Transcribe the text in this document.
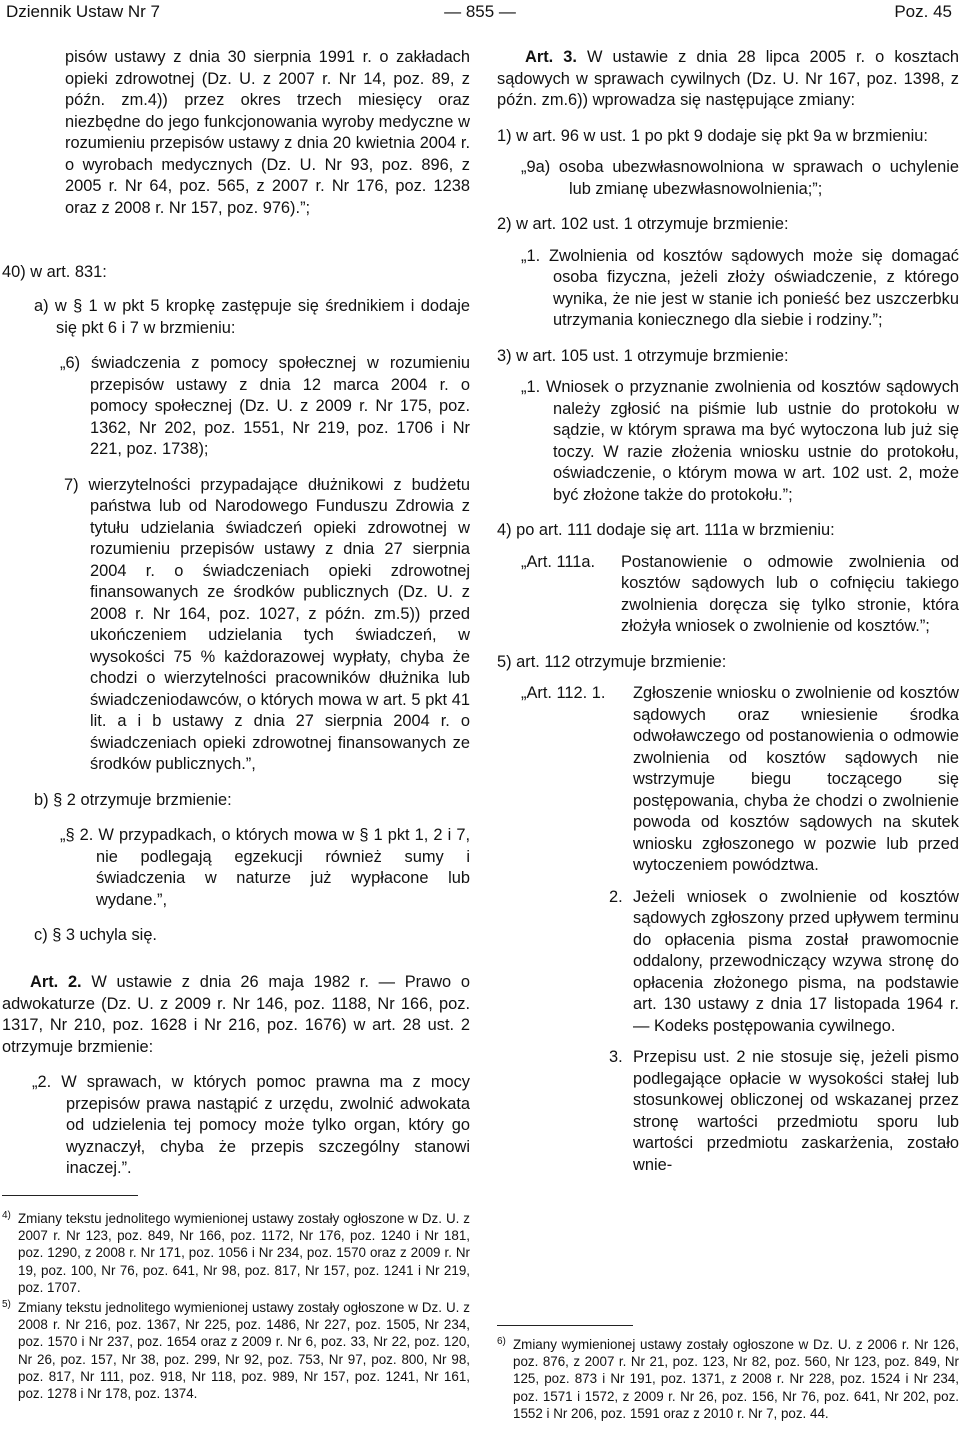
Dziennik Ustaw Nr 7	— 855 —	Poz. 45

pisów ustawy z dnia 30 sierpnia 1991 r. o zakładach opieki zdrowotnej (Dz. U. z 2007 r. Nr 14, poz. 89, z późn. zm.4)) przez okres trzech miesięcy oraz niezbędne do jego funkcjonowania wyroby medyczne w rozumieniu przepisów ustawy z dnia 20 kwietnia 2004 r. o wyrobach medycznych (Dz. U. Nr 93, poz. 896, z 2005 r. Nr 64, poz. 565, z 2007 r. Nr 176, poz. 1238 oraz z 2008 r. Nr 157, poz. 976).”;

40) w art. 831:

a) w § 1 w pkt 5 kropkę zastępuje się średnikiem i dodaje się pkt 6 i 7 w brzmieniu:

„6) świadczenia z pomocy społecznej w rozumieniu przepisów ustawy z dnia 12 marca 2004 r. o pomocy społecznej (Dz. U. z 2009 r. Nr 175, poz. 1362, Nr 202, poz. 1551, Nr 219, poz. 1706 i Nr 221, poz. 1738);

7) wierzytelności przypadające dłużnikowi z budżetu państwa lub od Narodowego Funduszu Zdrowia z tytułu udzielania świadczeń opieki zdrowotnej w rozumieniu przepisów ustawy z dnia 27 sierpnia 2004 r. o świadczeniach opieki zdrowotnej finansowanych ze środków publicznych (Dz. U. z 2008 r. Nr 164, poz. 1027, z późn. zm.5)) przed ukończeniem udzielania tych świadczeń, w wysokości 75 % każdorazowej wypłaty, chyba że chodzi o wierzytelności pracowników dłużnika lub świadczeniodawców, o których mowa w art. 5 pkt 41 lit. a i b ustawy z dnia 27 sierpnia 2004 r. o świadczeniach opieki zdrowotnej finansowanych ze środków publicznych.”,

b) § 2 otrzymuje brzmienie:

„§ 2. W przypadkach, o których mowa w § 1 pkt 1, 2 i 7, nie podlegają egzekucji również sumy i świadczenia w naturze już wypłacone lub wydane.”,

c) § 3 uchyla się.

Art. 2. W ustawie z dnia 26 maja 1982 r. — Prawo o adwokaturze (Dz. U. z 2009 r. Nr 146, poz. 1188, Nr 166, poz. 1317, Nr 210, poz. 1628 i Nr 216, poz. 1676) w art. 28 ust. 2 otrzymuje brzmienie:

„2. W sprawach, w których pomoc prawna ma z mocy przepisów prawa nastąpić z urzędu, zwolnić adwokata od udzielenia tej pomocy może tylko organ, który go wyznaczył, chyba że przepis szczególny stanowi inaczej.”.

4) Zmiany tekstu jednolitego wymienionej ustawy zostały ogłoszone w Dz. U. z 2007 r. Nr 123, poz. 849, Nr 166, poz. 1172, Nr 176, poz. 1240 i Nr 181, poz. 1290, z 2008 r. Nr 171, poz. 1056 i Nr 234, poz. 1570 oraz z 2009 r. Nr 19, poz. 100, Nr 76, poz. 641, Nr 98, poz. 817, Nr 157, poz. 1241 i Nr 219, poz. 1707.

5) Zmiany tekstu jednolitego wymienionej ustawy zostały ogłoszone w Dz. U. z 2008 r. Nr 216, poz. 1367, Nr 225, poz. 1486, Nr 227, poz. 1505, Nr 234, poz. 1570 i Nr 237, poz. 1654 oraz z 2009 r. Nr 6, poz. 33, Nr 22, poz. 120, Nr 26, poz. 157, Nr 38, poz. 299, Nr 92, poz. 753, Nr 97, poz. 800, Nr 98, poz. 817, Nr 111, poz. 918, Nr 118, poz. 989, Nr 157, poz. 1241, Nr 161, poz. 1278 i Nr 178, poz. 1374.

Art. 3. W ustawie z dnia 28 lipca 2005 r. o kosztach sądowych w sprawach cywilnych (Dz. U. Nr 167, poz. 1398, z późn. zm.6)) wprowadza się następujące zmiany:

1) w art. 96 w ust. 1 po pkt 9 dodaje się pkt 9a w brzmieniu:

„9a) osoba ubezwłasnowolniona w sprawach o uchylenie lub zmianę ubezwłasnowolnienia;”;

2) w art. 102 ust. 1 otrzymuje brzmienie:

„1. Zwolnienia od kosztów sądowych może się domagać osoba fizyczna, jeżeli złoży oświadczenie, z którego wynika, że nie jest w stanie ich ponieść bez uszczerbku utrzymania koniecznego dla siebie i rodziny.”;

3) w art. 105 ust. 1 otrzymuje brzmienie:

„1. Wniosek o przyznanie zwolnienia od kosztów sądowych należy zgłosić na piśmie lub ustnie do protokołu w sądzie, w którym sprawa ma być wytoczona lub już się toczy. W razie złożenia wniosku ustnie do protokołu, oświadczenie, o którym mowa w art. 102 ust. 2, może być złożone także do protokołu.”;

4) po art. 111 dodaje się art. 111a w brzmieniu:

„Art. 111a. Postanowienie o odmowie zwolnienia od kosztów sądowych lub o cofnięciu takiego zwolnienia doręcza się tylko stronie, która złożyła wniosek o zwolnienie od kosztów.”;

5) art. 112 otrzymuje brzmienie:

„Art. 112. 1. Zgłoszenie wniosku o zwolnienie od kosztów sądowych oraz wniesienie środka odwoławczego od postanowienia o odmowie zwolnienia od kosztów sądowych nie wstrzymuje biegu toczącego się postępowania, chyba że chodzi o zwolnienie powoda od kosztów sądowych na skutek wniosku zgłoszonego w pozwie lub przed wytoczeniem powództwa.

2. Jeżeli wniosek o zwolnienie od kosztów sądowych zgłoszony przed upływem terminu do opłacenia pisma został prawomocnie oddalony, przewodniczący wzywa stronę do opłacenia złożonego pisma, na podstawie art. 130 ustawy z dnia 17 listopada 1964 r. — Kodeks postępowania cywilnego.

3. Przepisu ust. 2 nie stosuje się, jeżeli pismo podlegające opłacie w wysokości stałej lub stosunkowej obliczonej od wskazanej przez stronę wartości przedmiotu sporu lub wartości przedmiotu zaskarżenia, zostało wnie-

6) Zmiany wymienionej ustawy zostały ogłoszone w Dz. U. z 2006 r. Nr 126, poz. 876, z 2007 r. Nr 21, poz. 123, Nr 82, poz. 560, Nr 123, poz. 849, Nr 125, poz. 873 i Nr 191, poz. 1371, z 2008 r. Nr 228, poz. 1524 i Nr 234, poz. 1571 i 1572, z 2009 r. Nr 26, poz. 156, Nr 76, poz. 641, Nr 202, poz. 1552 i Nr 206, poz. 1591 oraz z 2010 r. Nr 7, poz. 44.
